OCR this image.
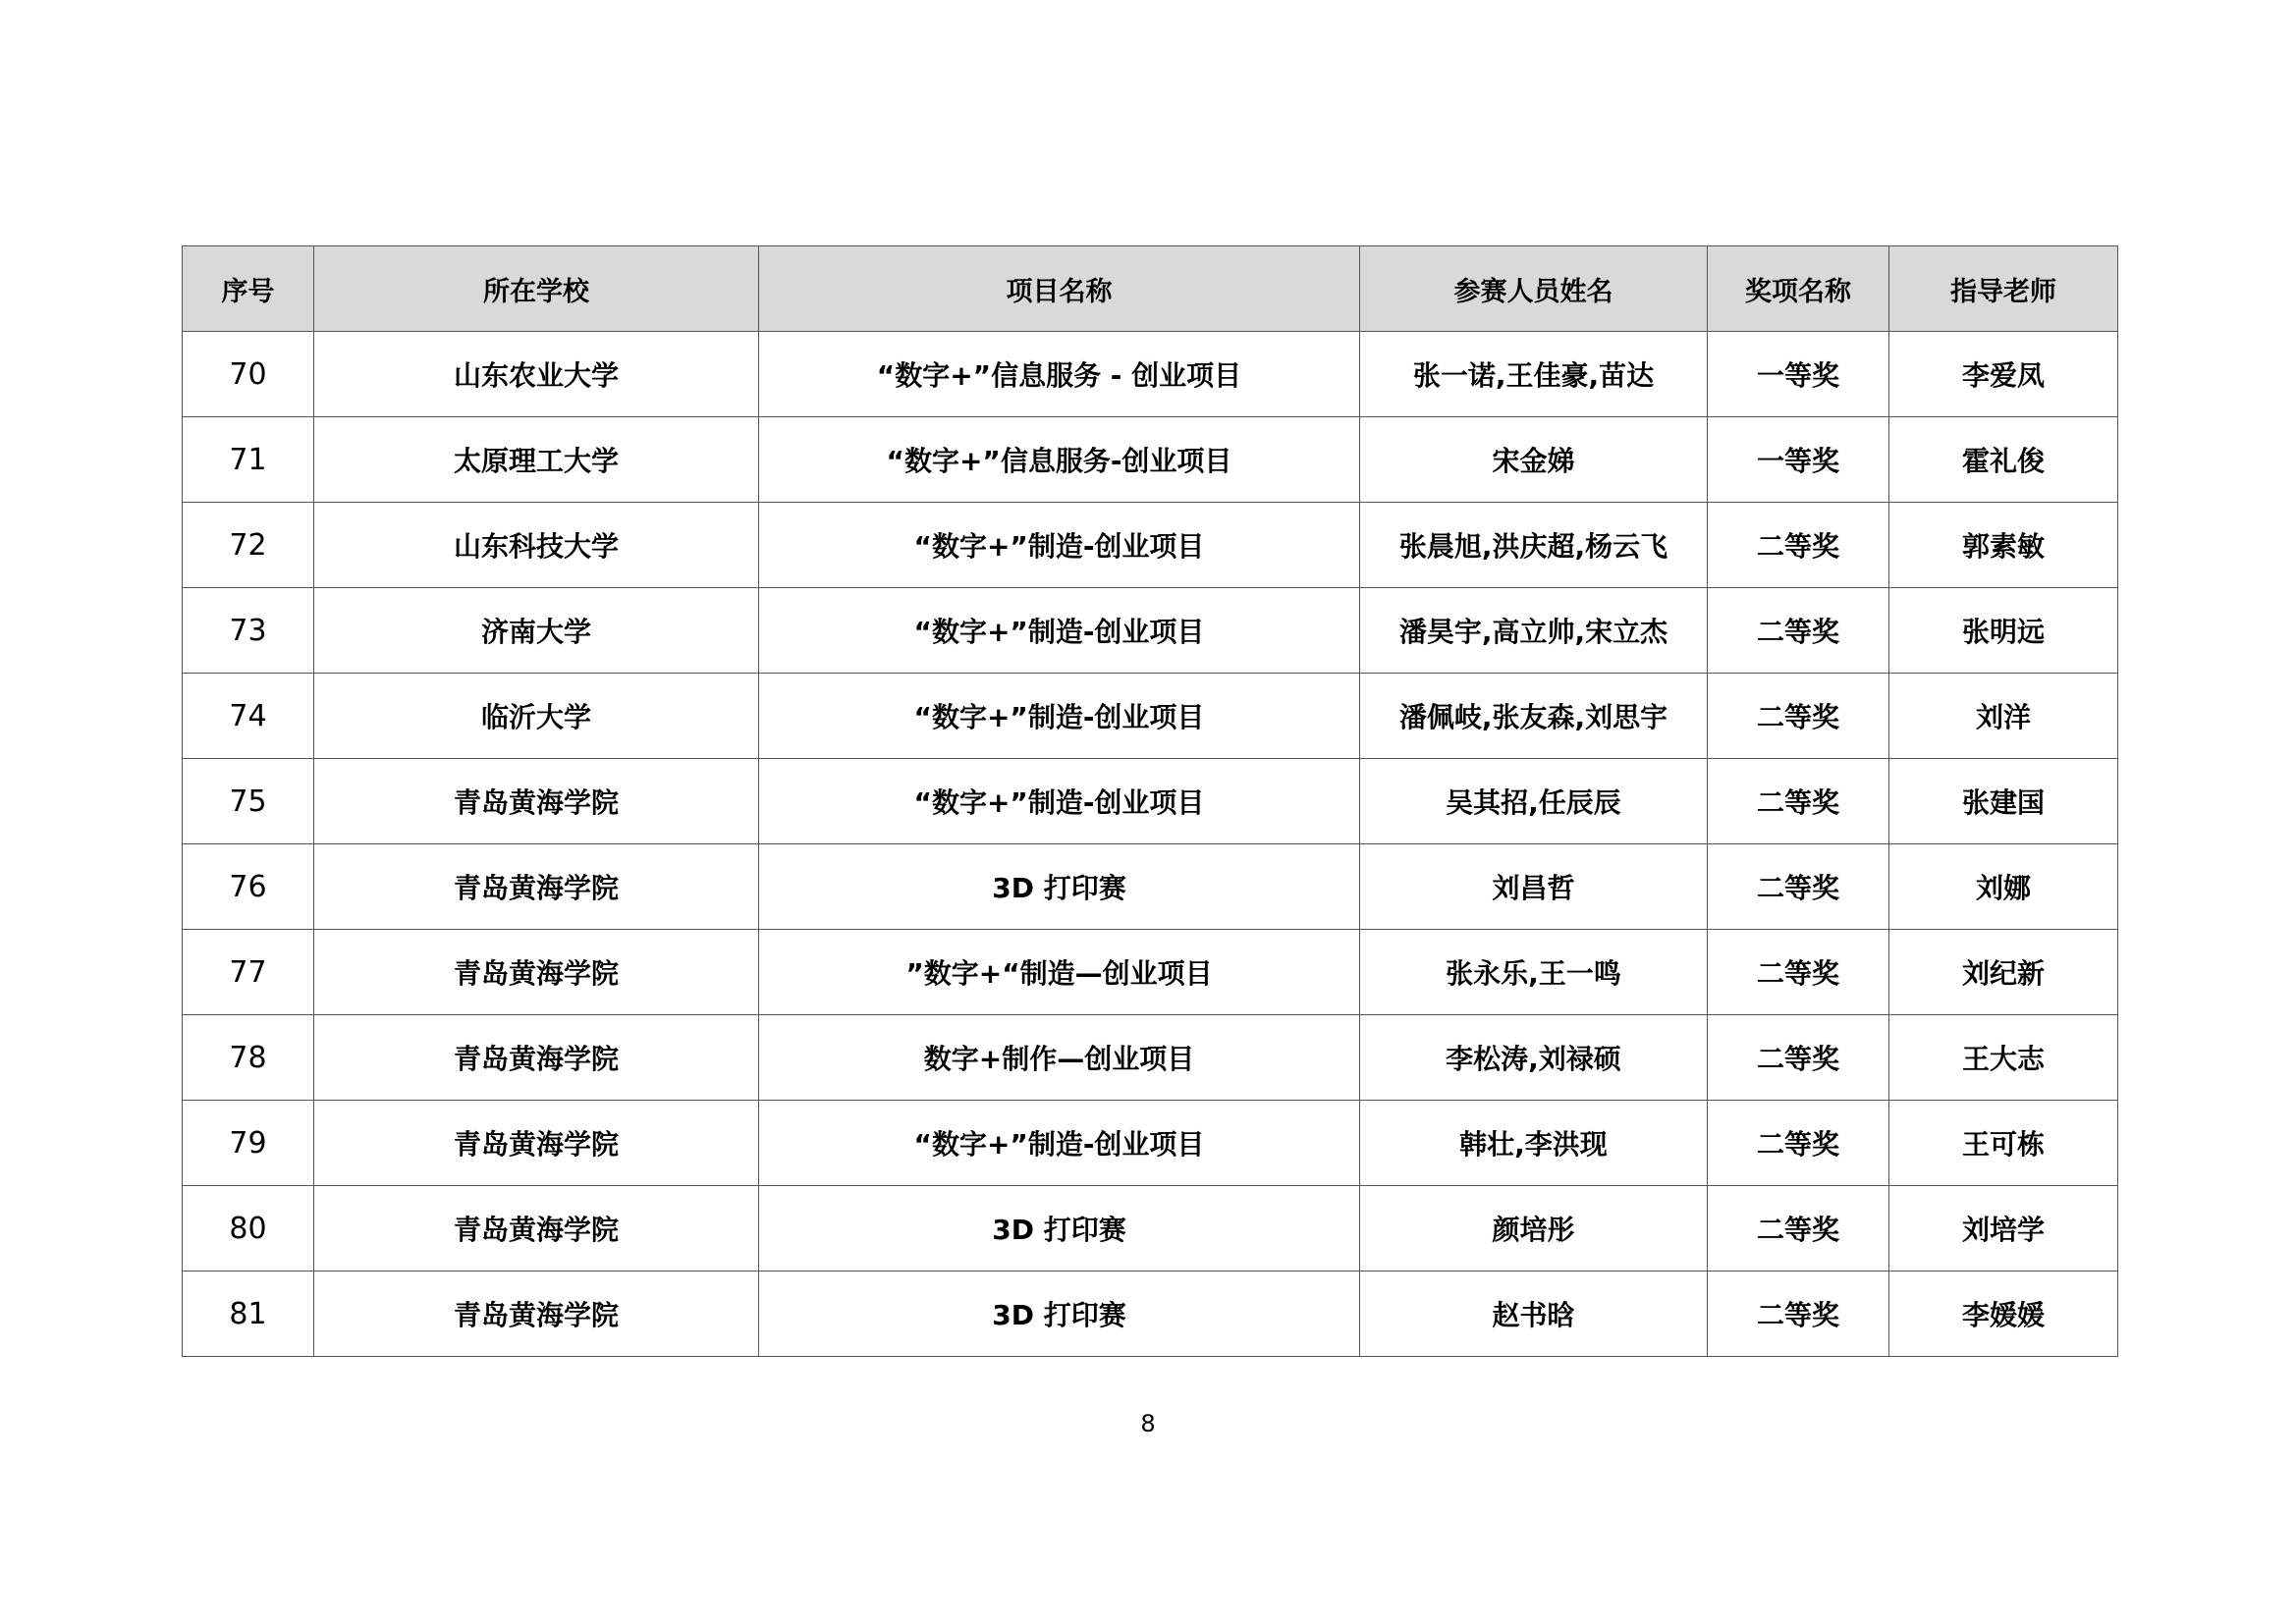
序号	所在学校	项目名称	参赛人员姓名	奖项名称	指导老师
70	山东农业大学	“数字+”信息服务 - 创业项目	张一诺,王佳豪,苗达	一等奖	李爱凤
71	太原理工大学	“数字+”信息服务-创业项目	宋金娣	一等奖	霍礼俊
72	山东科技大学	“数字+”制造-创业项目	张晨旭,洪庆超,杨云飞	二等奖	郭素敏
73	济南大学	“数字+”制造-创业项目	潘昊宇,高立帅,宋立杰	二等奖	张明远
74	临沂大学	“数字+”制造-创业项目	潘佩岐,张友森,刘思宇	二等奖	刘洋
75	青岛黄海学院	“数字+”制造-创业项目	吴其招,任辰辰	二等奖	张建国
76	青岛黄海学院	3D 打印赛	刘昌哲	二等奖	刘娜
77	青岛黄海学院	”数字+“制造—创业项目	张永乐,王一鸣	二等奖	刘纪新
78	青岛黄海学院	数字+制作—创业项目	李松涛,刘禄硕	二等奖	王大志
79	青岛黄海学院	“数字+”制造-创业项目	韩壮,李洪现	二等奖	王可栋
80	青岛黄海学院	3D 打印赛	颜培彤	二等奖	刘培学
81	青岛黄海学院	3D 打印赛	赵书晗	二等奖	李媛媛
8
